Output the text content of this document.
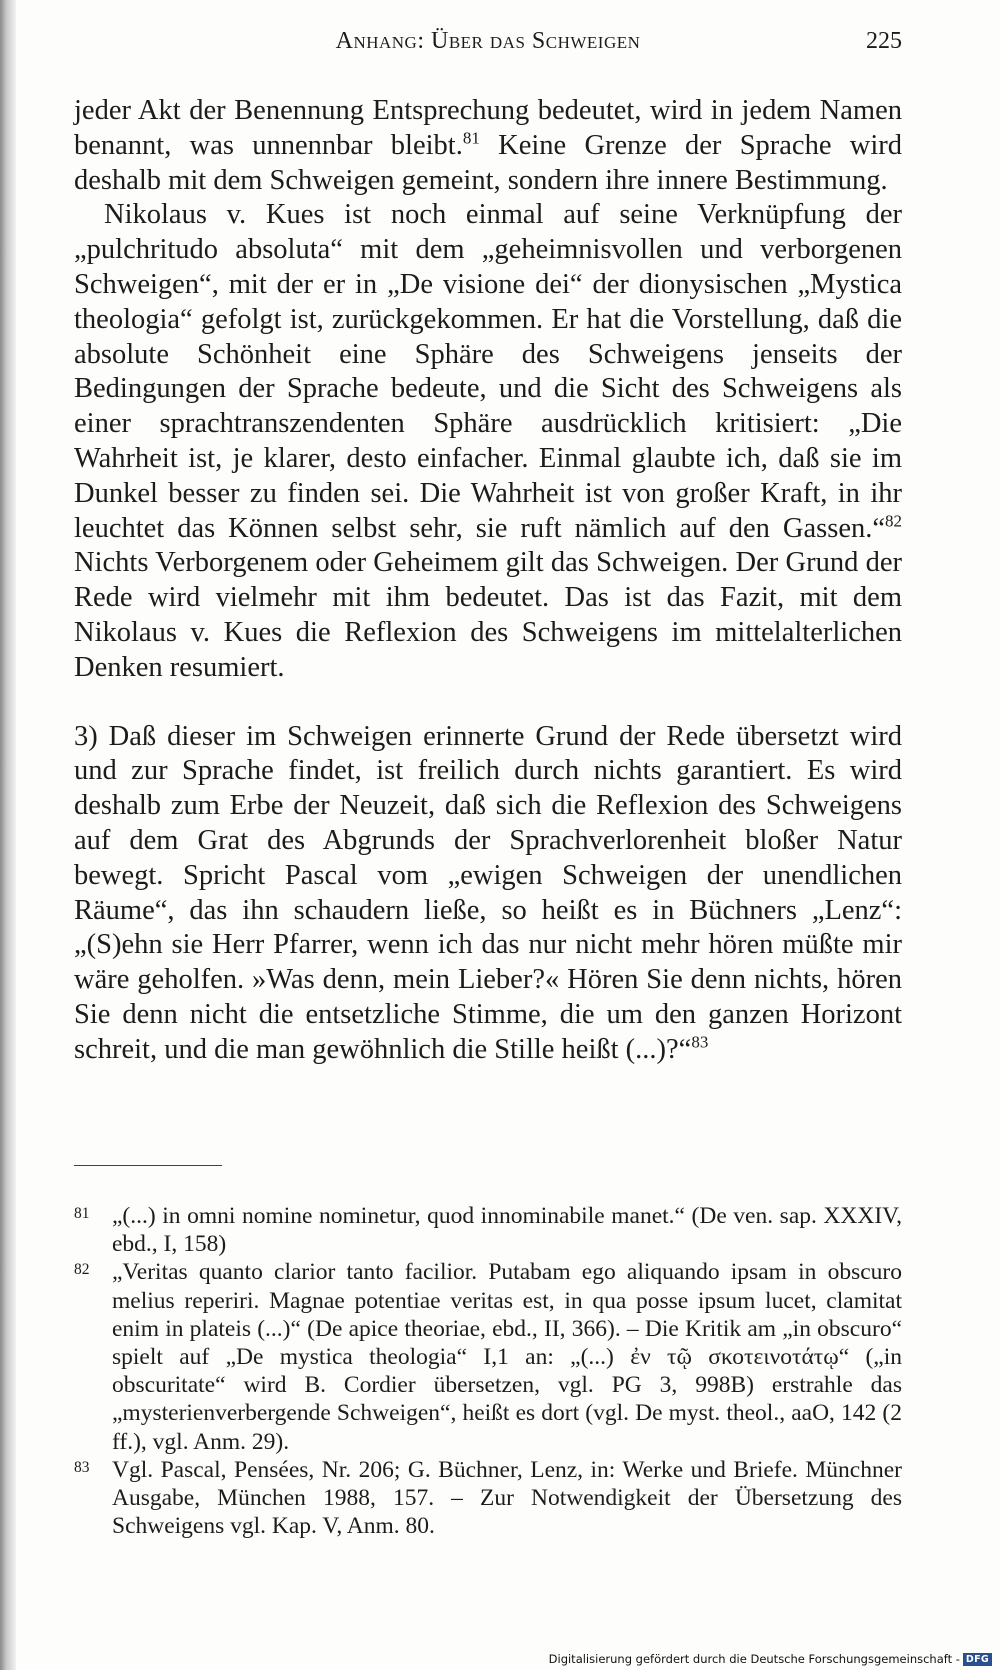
Anhang: Über das Schweigen	225

jeder Akt der Benennung Entsprechung bedeutet, wird in jedem Namen benannt, was unnennbar bleibt.$^{81}$ Keine Grenze der Sprache wird deshalb mit dem Schweigen gemeint, sondern ihre innere Bestimmung.

Nikolaus v. Kues ist noch einmal auf seine Verknüpfung der „pulchritudo absoluta“ mit dem „geheimnisvollen und verborgenen Schweigen“, mit der er in „De visione dei“ der dionysischen „Mystica theologia“ gefolgt ist, zurückgekommen. Er hat die Vorstellung, daß die absolute Schönheit eine Sphäre des Schweigens jenseits der Bedingungen der Sprache bedeute, und die Sicht des Schweigens als einer sprachtranszendenten Sphäre ausdrücklich kritisiert: „Die Wahrheit ist, je klarer, desto einfacher. Einmal glaubte ich, daß sie im Dunkel besser zu finden sei. Die Wahrheit ist von großer Kraft, in ihr leuchtet das Können selbst sehr, sie ruft nämlich auf den Gassen.“$^{82}$ Nichts Verborgenem oder Geheimem gilt das Schweigen. Der Grund der Rede wird vielmehr mit ihm bedeutet. Das ist das Fazit, mit dem Nikolaus v. Kues die Reflexion des Schweigens im mittelalterlichen Denken resumiert.

3) Daß dieser im Schweigen erinnerte Grund der Rede übersetzt wird und zur Sprache findet, ist freilich durch nichts garantiert. Es wird deshalb zum Erbe der Neuzeit, daß sich die Reflexion des Schweigens auf dem Grat des Abgrunds der Sprachverlorenheit bloßer Natur bewegt. Spricht Pascal vom „ewigen Schweigen der unendlichen Räume“, das ihn schaudern ließe, so heißt es in Büchners „Lenz“: „(S)ehn sie Herr Pfarrer, wenn ich das nur nicht mehr hören müßte mir wäre geholfen. »Was denn, mein Lieber?« Hören Sie denn nichts, hören Sie denn nicht die entsetzliche Stimme, die um den ganzen Horizont schreit, und die man gewöhnlich die Stille heißt (...)?“$^{83}$

81 „(...) in omni nomine nominetur, quod innominabile manet.“ (De ven. sap. XXXIV, ebd., I, 158)

82 „Veritas quanto clarior tanto facilior. Putabam ego aliquando ipsam in obscuro melius reperiri. Magnae potentiae veritas est, in qua posse ipsum lucet, clamitat enim in plateis (...)“ (De apice theoriae, ebd., II, 366). – Die Kritik am „in obscuro“ spielt auf „De mystica theologia“ I,1 an: „(...) ἐν τῷ σκοτεινοτάτῳ“ („in obscuritate“ wird B. Cordier übersetzen, vgl. PG 3, 998B) erstrahle das „mysterienverbergende Schweigen“, heißt es dort (vgl. De myst. theol., aaO, 142 (2 ff.), vgl. Anm. 29).

83 Vgl. Pascal, Pensées, Nr. 206; G. Büchner, Lenz, in: Werke und Briefe. Münchner Ausgabe, München 1988, 157. – Zur Notwendigkeit der Übersetzung des Schweigens vgl. Kap. V, Anm. 80.

Digitalisierung gefördert durch die Deutsche Forschungsgemeinschaft - DFG
